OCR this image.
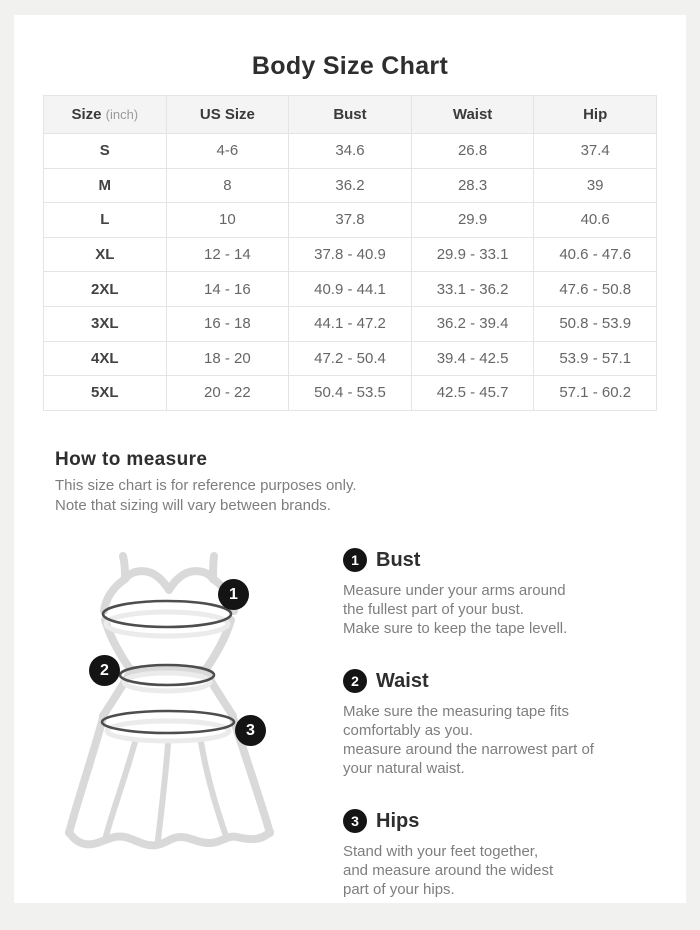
Body Size Chart
Size (inch)	US Size	Bust	Waist	Hip
S	4-6	34.6	26.8	37.4
M	8	36.2	28.3	39
L	10	37.8	29.9	40.6
XL	12 - 14	37.8 - 40.9	29.9 - 33.1	40.6 - 47.6
2XL	14 - 16	40.9 - 44.1	33.1 - 36.2	47.6 - 50.8
3XL	16 - 18	44.1 - 47.2	36.2 - 39.4	50.8 - 53.9
4XL	18 - 20	47.2 - 50.4	39.4 - 42.5	53.9 - 57.1
5XL	20 - 22	50.4 - 53.5	42.5 - 45.7	57.1 - 60.2
How to measure
This size chart is for reference purposes only.
Note that sizing will vary between brands.
1
2
3
1 Bust
Measure under your arms around
the fullest part of your bust.
Make sure to keep the tape levell.
2 Waist
Make sure the measuring tape fits
comfortably as you.
measure around the narrowest part of
your natural waist.
3 Hips
Stand with your feet together,
and measure around the widest
part of your hips.
